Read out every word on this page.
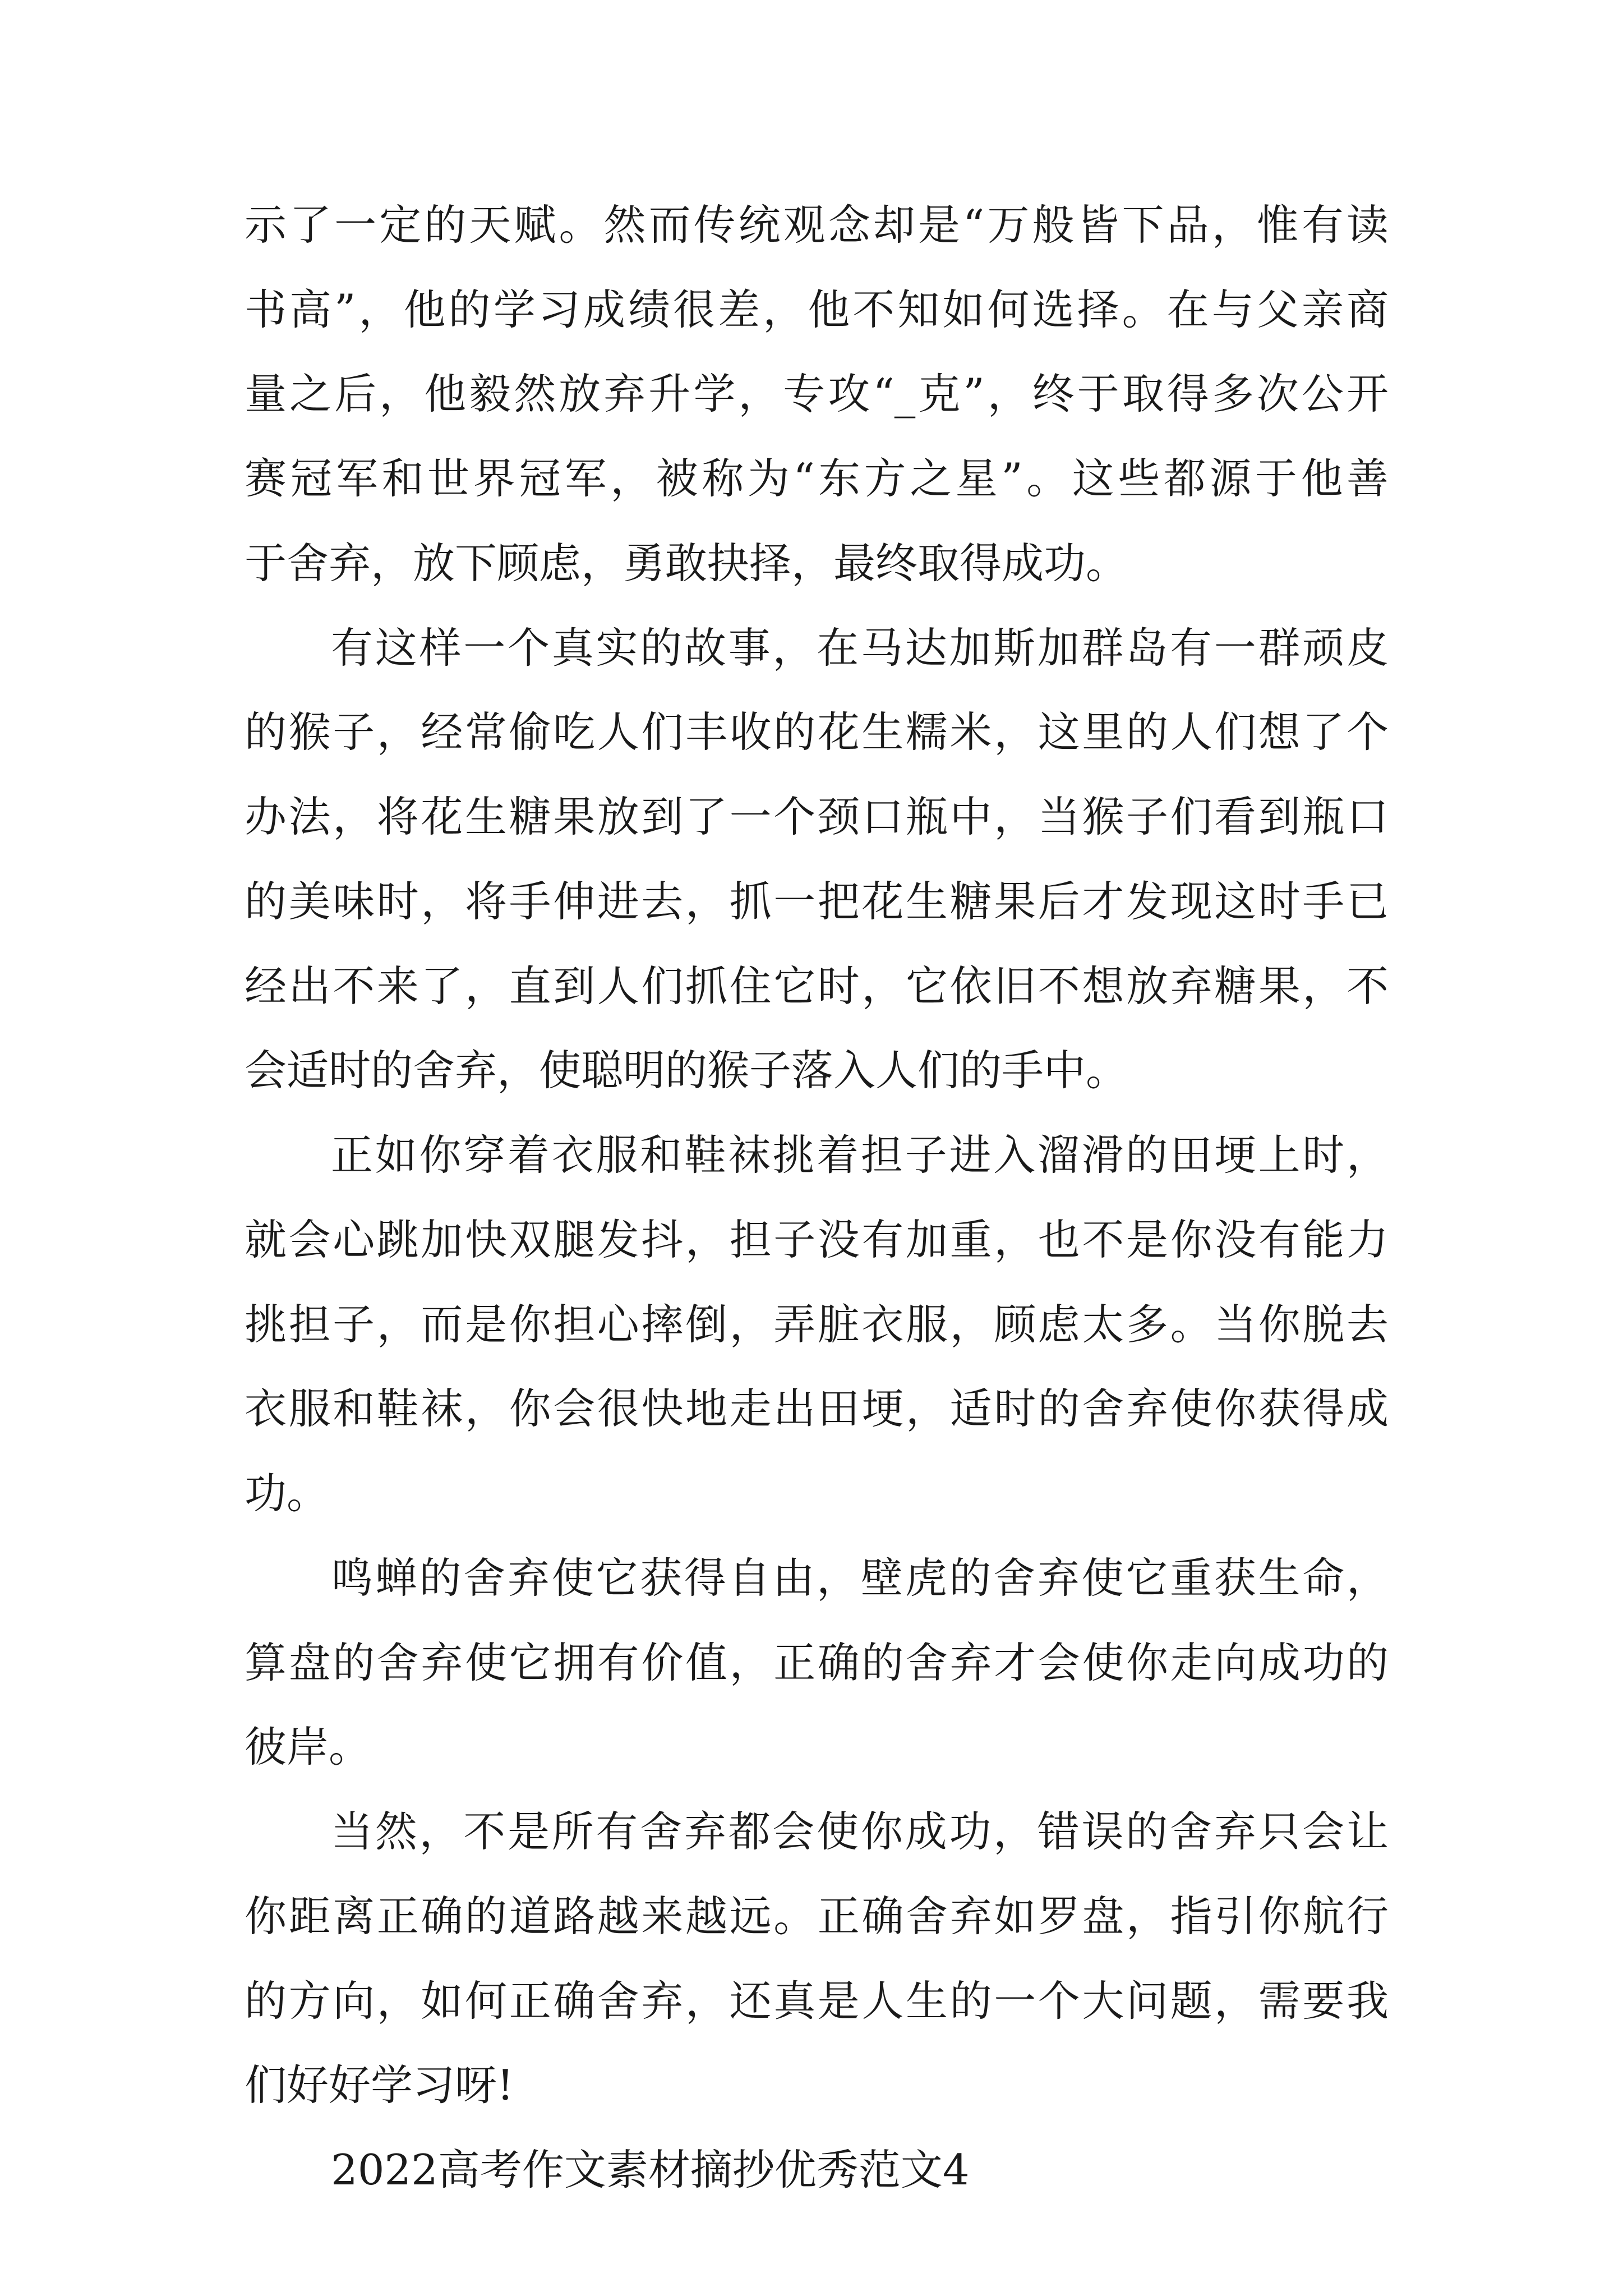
示了一定的天赋。然而传统观念却是“万般皆下品，惟有读

书高”，他的学习成绩很差，他不知如何选择。在与父亲商

量之后，他毅然放弃升学，专攻“_克”，终于取得多次公开

赛冠军和世界冠军，被称为“东方之星”。这些都源于他善

于舍弃，放下顾虑，勇敢抉择，最终取得成功。

有这样一个真实的故事，在马达加斯加群岛有一群顽皮

的猴子，经常偷吃人们丰收的花生糯米，这里的人们想了个

办法，将花生糖果放到了一个颈口瓶中，当猴子们看到瓶口

的美味时，将手伸进去，抓一把花生糖果后才发现这时手已

经出不来了，直到人们抓住它时，它依旧不想放弃糖果，不

会适时的舍弃，使聪明的猴子落入人们的手中。

正如你穿着衣服和鞋袜挑着担子进入溜滑的田埂上时，

就会心跳加快双腿发抖，担子没有加重，也不是你没有能力

挑担子，而是你担心摔倒，弄脏衣服，顾虑太多。当你脱去

衣服和鞋袜，你会很快地走出田埂，适时的舍弃使你获得成

功。

鸣蝉的舍弃使它获得自由，壁虎的舍弃使它重获生命，

算盘的舍弃使它拥有价值，正确的舍弃才会使你走向成功的

彼岸。

当然，不是所有舍弃都会使你成功，错误的舍弃只会让

你距离正确的道路越来越远。正确舍弃如罗盘，指引你航行

的方向，如何正确舍弃，还真是人生的一个大问题，需要我

们好好学习呀!

2022高考作文素材摘抄优秀范文4
